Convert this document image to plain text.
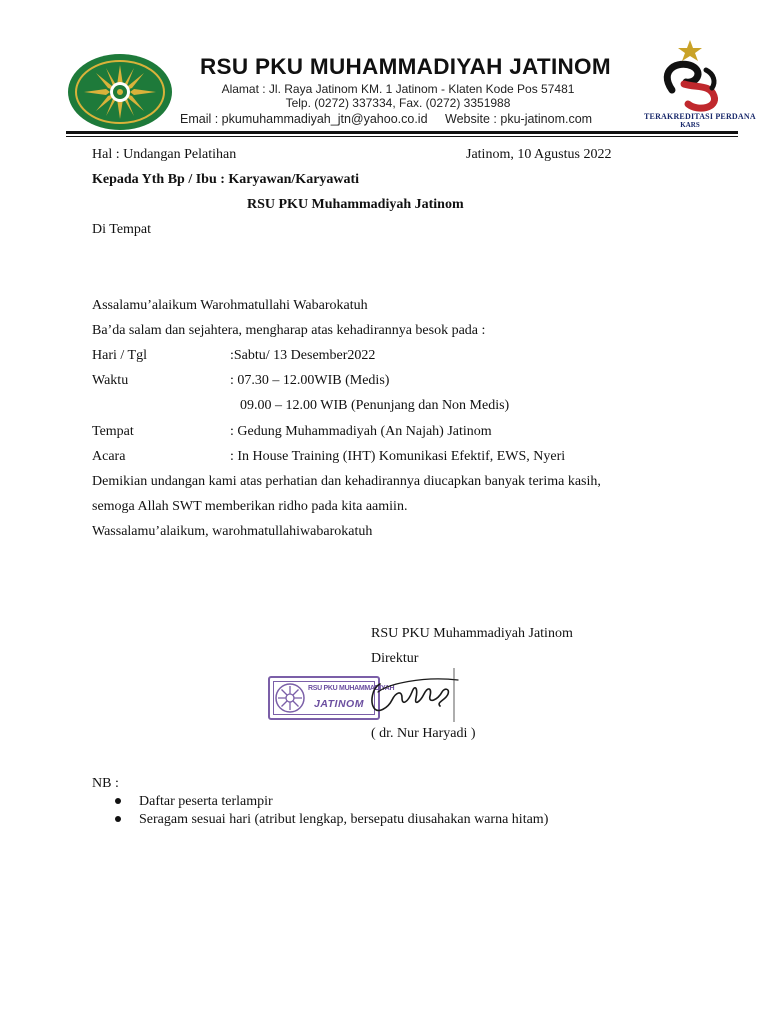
RSU PKU MUHAMMADIYAH JATINOM
Alamat : Jl. Raya Jatinom KM. 1 Jatinom - Klaten Kode Pos 57481
Telp. (0272) 337334, Fax. (0272) 3351988
Email : pkumuhammadiyah_jtn@yahoo.co.id Website : pku-jatinom.com	TERAKREDITASI PERDANA
KARS
Hal : Undangan Pelatihan	Jatinom, 10 Agustus 2022
Kepada Yth Bp / Ibu : Karyawan/Karyawati
RSU PKU Muhammadiyah Jatinom
Di Tempat
Assalamu’alaikum Warohmatullahi Wabarokatuh
Ba’da salam dan sejahtera, mengharap atas kehadirannya besok pada :
Hari / Tgl	:Sabtu/ 13 Desember2022
Waktu	: 07.30 – 12.00WIB (Medis)
09.00 – 12.00 WIB (Penunjang dan Non Medis)
Tempat	: Gedung Muhammadiyah (An Najah) Jatinom
Acara	: In House Training (IHT) Komunikasi Efektif, EWS, Nyeri
Demikian undangan kami atas perhatian dan kehadirannya diucapkan banyak terima kasih,
semoga Allah SWT memberikan ridho pada kita aamiin.
Wassalamu’alaikum, warohmatullahiwabarokatuh
RSU PKU Muhammadiyah Jatinom
Direktur
RSU PKU MUHAMMADIYAH
JATINOM
( dr. Nur Haryadi )
NB :
Daftar peserta terlampir
Seragam sesuai hari (atribut lengkap, bersepatu diusahakan warna hitam)
